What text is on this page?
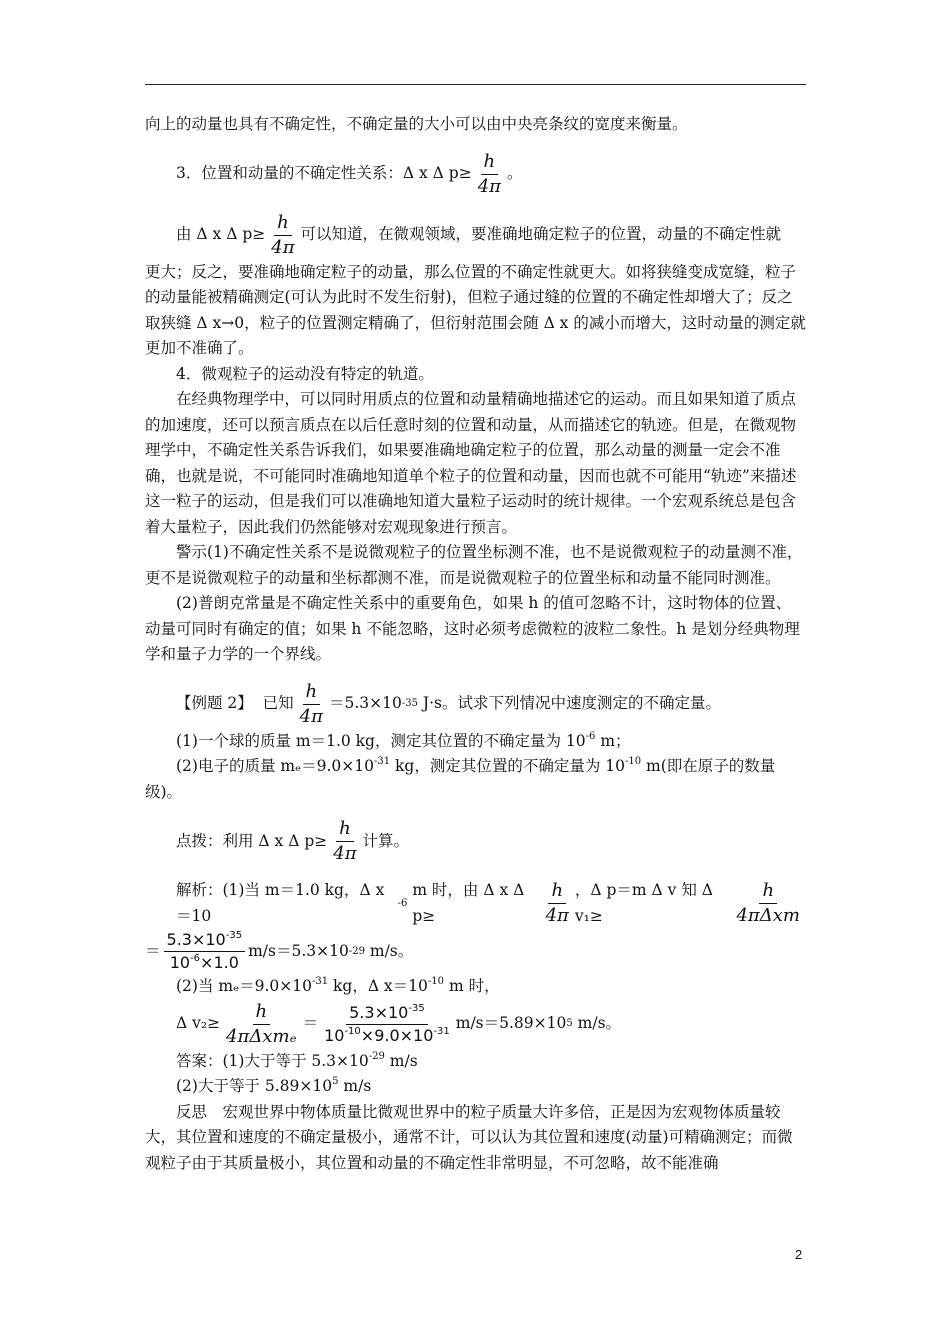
向上的动量也具有不确定性，不确定量的大小可以由中央亮条纹的宽度来衡量。

3．位置和动量的不确定性关系： Δ x Δ $p\ge \frac{h}{4\pi}$ 。
由 Δ x Δ $p\ge \frac{h}{4\pi}$ 可以知道，在微观领域，要准确地确定粒子的位置，动量的不确定性就

更大；反之，要准确地确定粒子的动量，那么位置的不确定性就更大。如将狭缝变成宽缝，粒子的动量能被精确测定(可认为此时不发生衍射)，但粒子通过缝的位置的不确定性却增大了；反之取狭缝 Δ x→0，粒子的位置测定精确了，但衍射范围会随 Δ x 的减小而增大，这时动量的测定就更加不准确了。

4．微观粒子的运动没有特定的轨道。

在经典物理学中，可以同时用质点的位置和动量精确地描述它的运动。而且如果知道了质点的加速度，还可以预言质点在以后任意时刻的位置和动量，从而描述它的轨迹。但是，在微观物理学中，不确定性关系告诉我们，如果要准确地确定粒子的位置，那么动量的测量一定会不准确，也就是说，不可能同时准确地知道单个粒子的位置和动量，因而也就不可能用“轨迹”来描述这一粒子的运动，但是我们可以准确地知道大量粒子运动时的统计规律。一个宏观系统总是包含着大量粒子，因此我们仍然能够对宏观现象进行预言。

警示(1)不确定性关系不是说微观粒子的位置坐标测不准，也不是说微观粒子的动量测不准，更不是说微观粒子的动量和坐标都测不准，而是说微观粒子的位置坐标和动量不能同时测准。

(2)普朗克常量是不确定性关系中的重要角色，如果 h 的值可忽略不计，这时物体的位置、动量可同时有确定的值；如果 h 不能忽略，这时必须考虑微粒的波粒二象性。h 是划分经典物理学和量子力学的一个界线。

【例题 2】
已知 $\frac{h}{4\pi} =5.3\times 10$ -35
J·s。试求下列情况中速度测定的不确定量。

(1)一个球的质量 m＝1.0 kg，测定其位置的不确定量为 $10^{-6}$ m；

(2)电子的质量 $m_e=9.0\times 10^{-31}$ kg，测定其位置的不确定量为 $10^{-10}$ m(即在原子的数量级)。

点拨：利用 Δ x Δ $p\ge \frac{h}{4\pi}$ 计算。
解析：(1)当 m＝1.0 kg，Δ x＝10
-6

m 时，由 Δ x Δ p≥	$\frac{h}{4\pi}$ ，Δ p＝m Δ v 知 Δ v₁≥	$\frac{h}{\text{4πΔxm}}$
＝ $\frac{5.3\times 10^{-35}}{10^{-6}\times 1.0} m/s=5.3\times 10$ -29
m/s。

(2)当 $m_e=9.0\times 10^{-31}$ kg，Δ $x=10^{-10}$ m 时，

Δ $v_2\ge \frac{h}{\text{4πΔxmₑ}} = \frac{5.3\times 10^{-35}}{10^{-10}\times 9.0\times 10^{-31}} m/s=5.89\times 10$ 5
m/s。

答案：(1)大于等于 $5.3\times 10^{-29}$ m/s

(2)大于等于 $5.89\times 10^5$ m/s

反思　宏观世界中物体质量比微观世界中的粒子质量大许多倍，正是因为宏观物体质量较大，其位置和速度的不确定量极小，通常不计，可以认为其位置和速度(动量)可精确测定；而微观粒子由于其质量极小，其位置和动量的不确定性非常明显，不可忽略，故不能准确

2
